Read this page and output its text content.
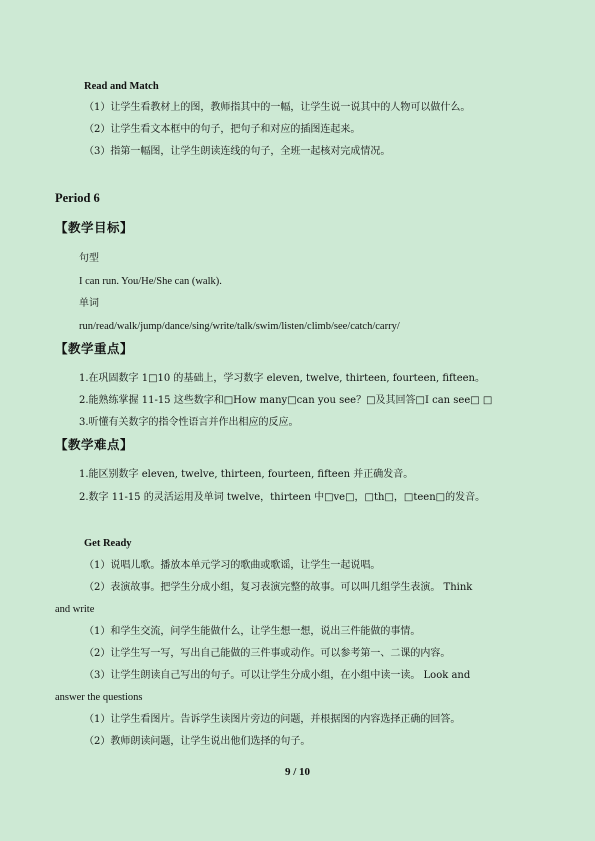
Read and Match
（1）让学生看教材上的图，教师指其中的一幅，让学生说一说其中的人物可以做什么。
（2）让学生看文本框中的句子，把句子和对应的插图连起来。
（3）指第一幅图，让学生朗读连线的句子，全班一起核对完成情况。
Period 6
【教学目标】
句型
I can run. You/He/She can (walk).
单词
run/read/walk/jump/dance/sing/write/talk/swim/listen/climb/see/catch/carry/
【教学重点】
1.在巩固数字 1□10 的基础上，学习数字 eleven, twelve, thirteen, fourteen, fifteen。
2.能熟练掌握 11-15 这些数字和□How many□can you see？□及其回答□I can see□ □
3.听懂有关数字的指令性语言并作出相应的反应。
【教学难点】
1.能区别数字 eleven, twelve, thirteen, fourteen, fifteen 并正确发音。
2.数字 11-15 的灵活运用及单词 twelve，thirteen 中□ve□，□th□，□teen□的发音。
Get Ready
（1）说唱儿歌。播放本单元学习的歌曲或歌谣，让学生一起说唱。
（2）表演故事。把学生分成小组，复习表演完整的故事。可以叫几组学生表演。 Think
and write
（1）和学生交流，问学生能做什么，让学生想一想，说出三件能做的事情。
（2）让学生写一写，写出自己能做的三件事或动作。可以参考第一、二课的内容。
（3）让学生朗读自己写出的句子。可以让学生分成小组，在小组中读一读。 Look and
answer the questions
（1）让学生看图片。告诉学生读图片旁边的问题，并根据图的内容选择正确的回答。
（2）教师朗读问题，让学生说出他们选择的句子。
9 / 10
